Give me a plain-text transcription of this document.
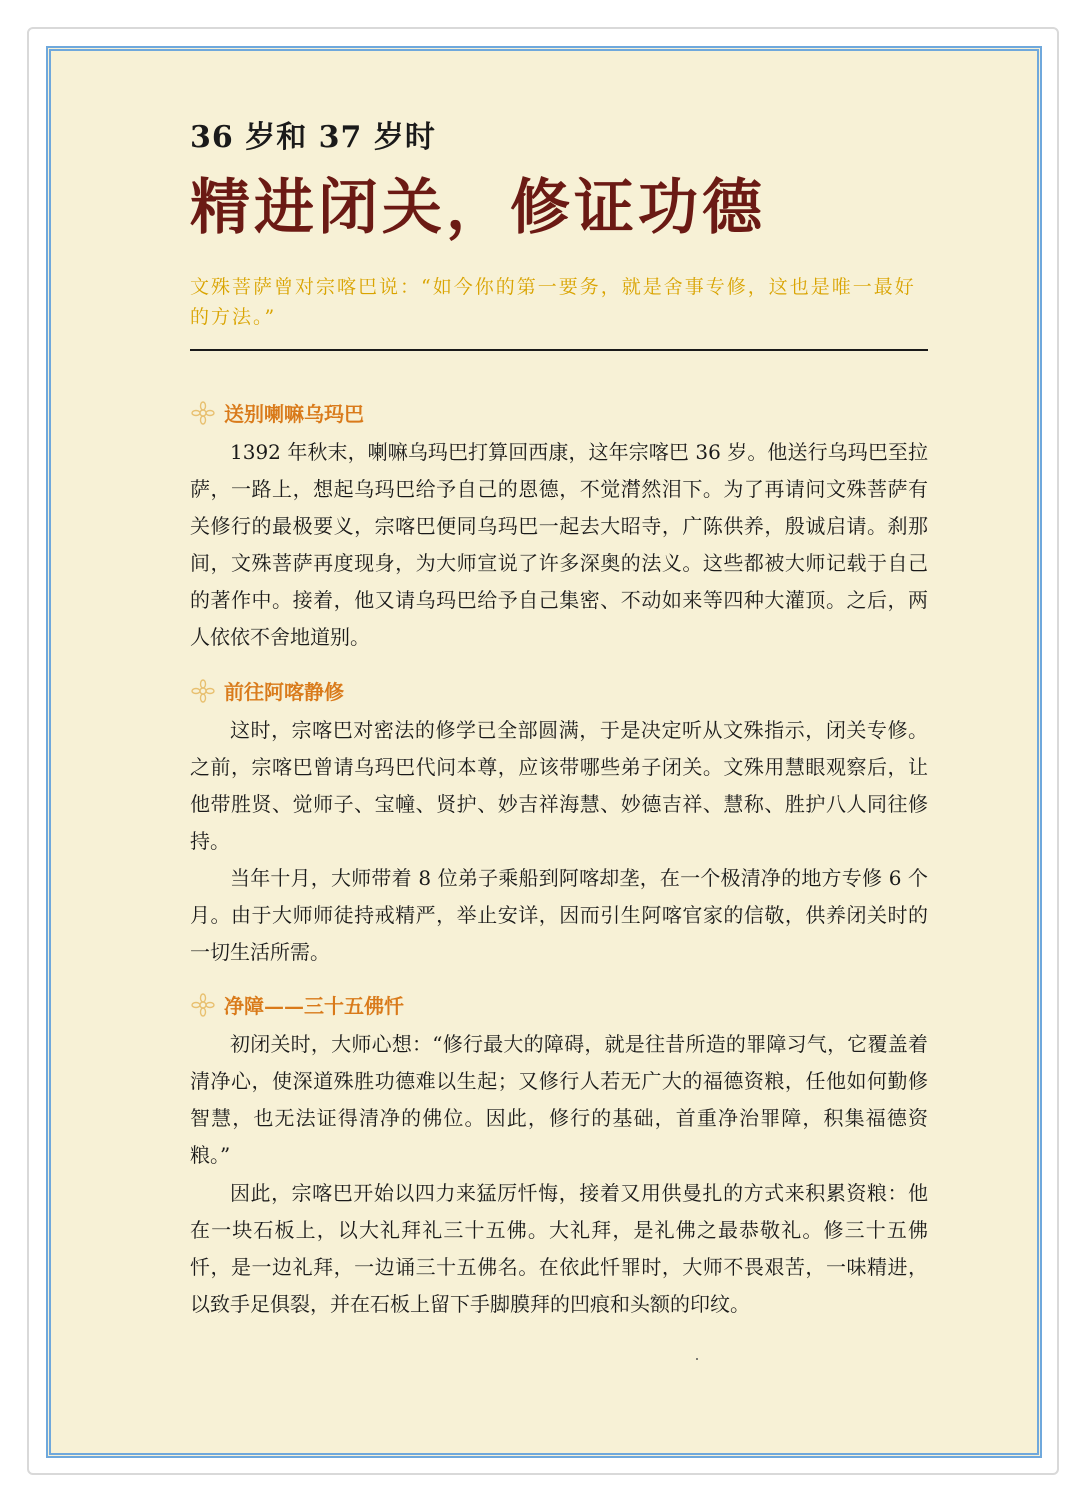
36 岁和 37 岁时
精进闭关，修证功德
文殊菩萨曾对宗喀巴说：“如今你的第一要务，就是舍事专修，这也是唯一最好的方法。”
送别喇嘛乌玛巴
1392 年秋末，喇嘛乌玛巴打算回西康，这年宗喀巴 36 岁。他送行乌玛巴至拉萨，一路上，想起乌玛巴给予自己的恩德，不觉潸然泪下。为了再请问文殊菩萨有关修行的最极要义，宗喀巴便同乌玛巴一起去大昭寺，广陈供养，殷诚启请。刹那间，文殊菩萨再度现身，为大师宣说了许多深奥的法义。这些都被大师记载于自己的著作中。接着，他又请乌玛巴给予自己集密、不动如来等四种大灌顶。之后，两人依依不舍地道别。
前往阿喀静修
这时，宗喀巴对密法的修学已全部圆满，于是决定听从文殊指示，闭关专修。之前，宗喀巴曾请乌玛巴代问本尊，应该带哪些弟子闭关。文殊用慧眼观察后，让他带胜贤、觉师子、宝幢、贤护、妙吉祥海慧、妙德吉祥、慧称、胜护八人同往修持。
当年十月，大师带着 8 位弟子乘船到阿喀却垄，在一个极清净的地方专修 6 个月。由于大师师徒持戒精严，举止安详，因而引生阿喀官家的信敬，供养闭关时的一切生活所需。
净障——三十五佛忏
初闭关时，大师心想：“修行最大的障碍，就是往昔所造的罪障习气，它覆盖着清净心，使深道殊胜功德难以生起；又修行人若无广大的福德资粮，任他如何勤修智慧，也无法证得清净的佛位。因此，修行的基础，首重净治罪障，积集福德资粮。”
因此，宗喀巴开始以四力来猛厉忏悔，接着又用供曼扎的方式来积累资粮：他在一块石板上，以大礼拜礼三十五佛。大礼拜，是礼佛之最恭敬礼。修三十五佛忏，是一边礼拜，一边诵三十五佛名。在依此忏罪时，大师不畏艰苦，一味精进，以致手足俱裂，并在石板上留下手脚膜拜的凹痕和头额的印纹。
